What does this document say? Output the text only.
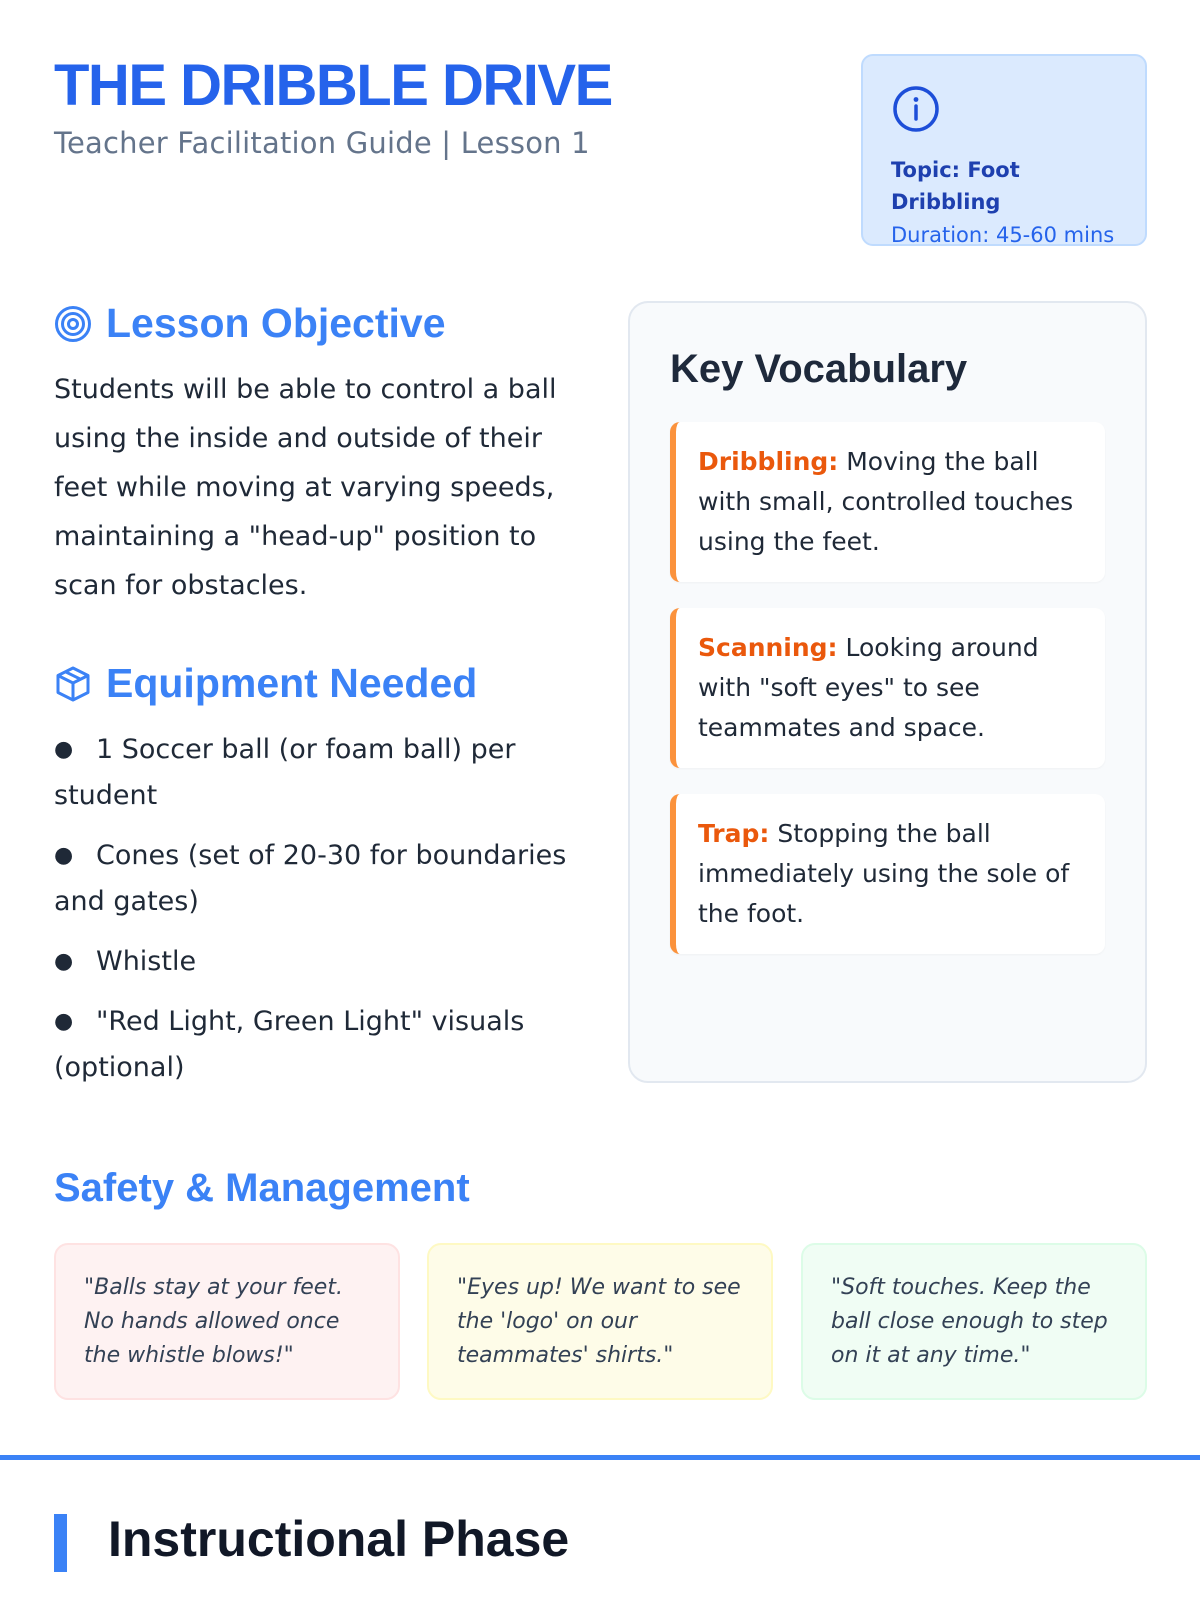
THE DRIBBLE DRIVE
Teacher Facilitation Guide | Lesson 1
Topic: Foot Dribbling
Duration: 45-60 mins
Lesson Objective

Students will be able to control a ball using the inside and outside of their feet while moving at varying speeds, maintaining a "head-up" position to scan for obstacles.

Equipment Needed
● 1 Soccer ball (or foam ball) per student
● Cones (set of 20-30 for boundaries and gates)
● Whistle
● "Red Light, Green Light" visuals (optional)
Key Vocabulary
Dribbling: Moving the ball with small, controlled touches using the feet.
Scanning: Looking around with "soft eyes" to see teammates and space.
Trap: Stopping the ball immediately using the sole of the foot.
Safety & Management
"Balls stay at your feet. No hands allowed once the whistle blows!"
"Eyes up! We want to see the 'logo' on our teammates' shirts."
"Soft touches. Keep the ball close enough to step on it at any time."
Instructional Phase
